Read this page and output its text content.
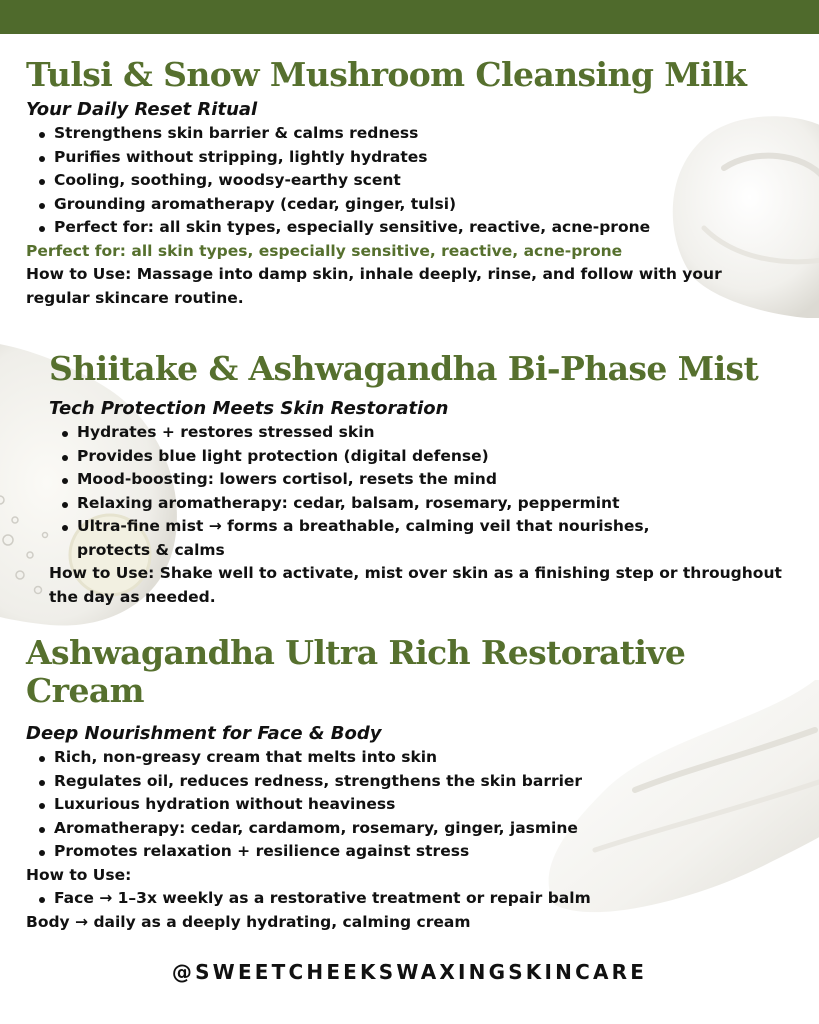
Tulsi & Snow Mushroom Cleansing Milk
Your Daily Reset Ritual
Strengthens skin barrier & calms redness
Purifies without stripping, lightly hydrates
Cooling, soothing, woodsy-earthy scent
Grounding aromatherapy (cedar, ginger, tulsi)
Perfect for: all skin types, especially sensitive, reactive, acne-prone
Perfect for: all skin types, especially sensitive, reactive, acne-prone
How to Use: Massage into damp skin, inhale deeply, rinse, and follow with your regular skincare routine.
Shiitake & Ashwagandha Bi-Phase Mist
Tech Protection Meets Skin Restoration
Hydrates + restores stressed skin
Provides blue light protection (digital defense)
Mood-boosting: lowers cortisol, resets the mind
Relaxing aromatherapy: cedar, balsam, rosemary, peppermint
Ultra-fine mist → forms a breathable, calming veil that nourishes, protects & calms
How to Use: Shake well to activate, mist over skin as a finishing step or throughout the day as needed.
Ashwagandha Ultra Rich Restorative Cream
Deep Nourishment for Face & Body
Rich, non-greasy cream that melts into skin
Regulates oil, reduces redness, strengthens the skin barrier
Luxurious hydration without heaviness
Aromatherapy: cedar, cardamom, rosemary, ginger, jasmine
Promotes relaxation + resilience against stress
How to Use:
Face → 1–3x weekly as a restorative treatment or repair balm
Body → daily as a deeply hydrating, calming cream
@SWEETCHEEKSWAXINGSKINCARE
